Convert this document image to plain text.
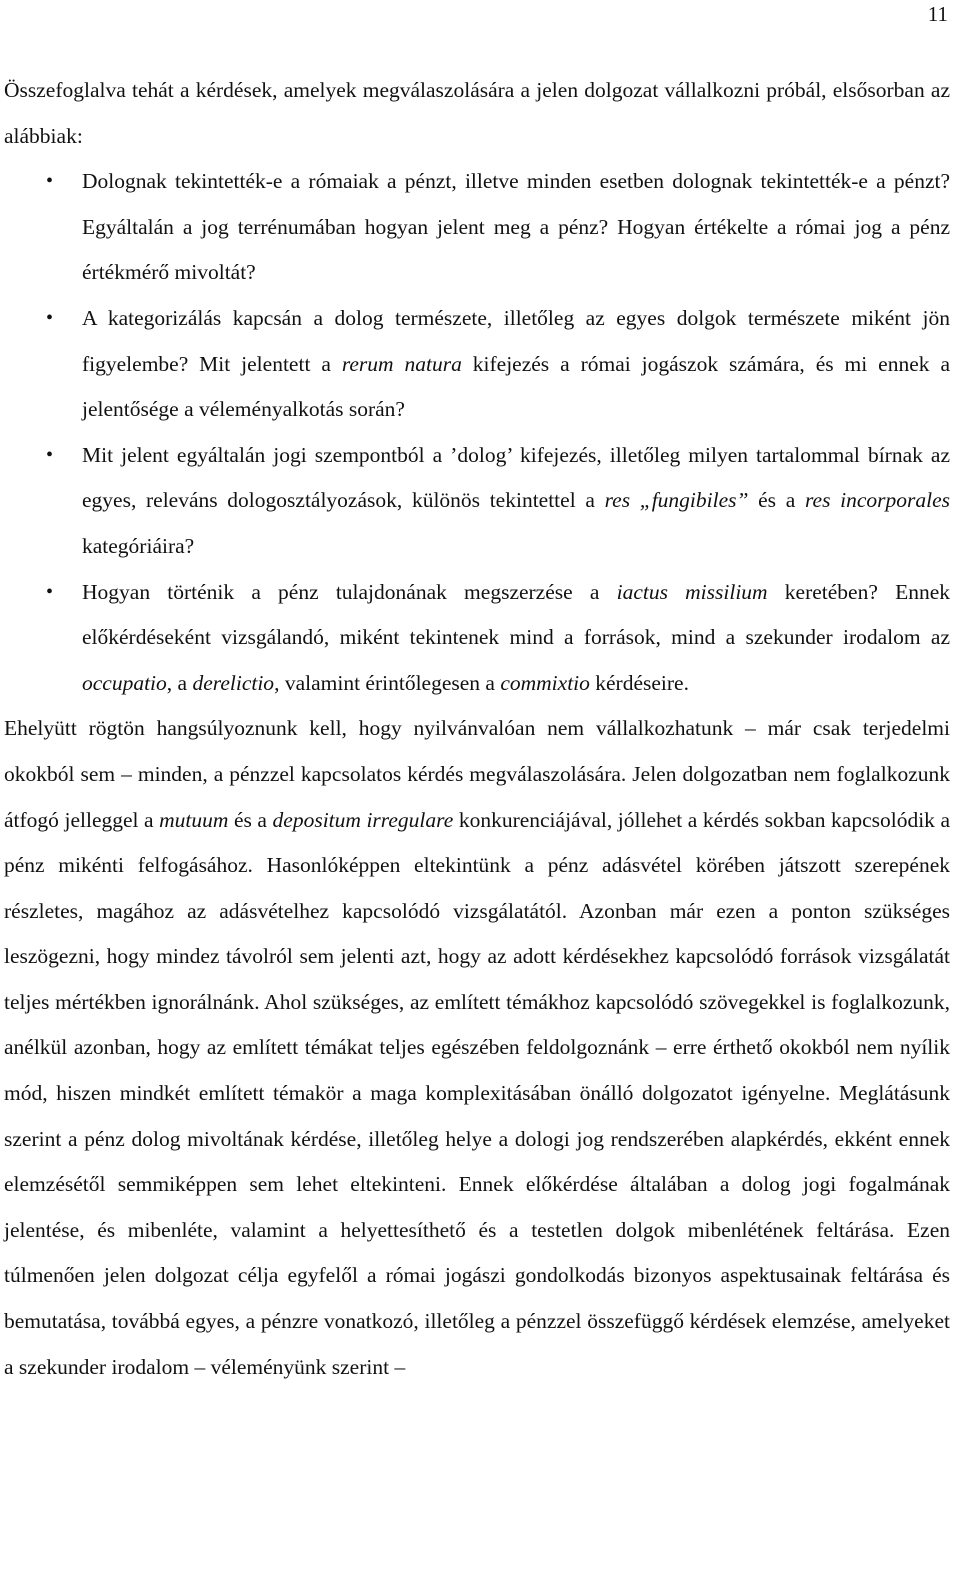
11

Összefoglalva tehát a kérdések, amelyek megválaszolására a jelen dolgozat vállalkozni próbál, elsősorban az alábbiak:

• Dolognak tekintették-e a rómaiak a pénzt, illetve minden esetben dolognak tekintették-e a pénzt? Egyáltalán a jog terrénumában hogyan jelent meg a pénz? Hogyan értékelte a római jog a pénz értékmérő mivoltát?
• A kategorizálás kapcsán a dolog természete, illetőleg az egyes dolgok természete miként jön figyelembe? Mit jelentett a rerum natura kifejezés a római jogászok számára, és mi ennek a jelentősége a véleményalkotás során?
• Mit jelent egyáltalán jogi szempontból a ’dolog’ kifejezés, illetőleg milyen tartalommal bírnak az egyes, releváns dologosztályozások, különös tekintettel a res „fungibiles” és a res incorporales kategóriáira?
• Hogyan történik a pénz tulajdonának megszerzése a iactus missilium keretében? Ennek előkérdéseként vizsgálandó, miként tekintenek mind a források, mind a szekunder irodalom az occupatio, a derelictio, valamint érintőlegesen a commixtio kérdéseire.

Ehelyütt rögtön hangsúlyoznunk kell, hogy nyilvánvalóan nem vállalkozhatunk – már csak terjedelmi okokból sem – minden, a pénzzel kapcsolatos kérdés megválaszolására. Jelen dolgozatban nem foglalkozunk átfogó jelleggel a mutuum és a depositum irregulare konkurenciájával, jóllehet a kérdés sokban kapcsolódik a pénz mikénti felfogásához. Hasonlóképpen eltekintünk a pénz adásvétel körében játszott szerepének részletes, magához az adásvételhez kapcsolódó vizsgálatától. Azonban már ezen a ponton szükséges leszögezni, hogy mindez távolról sem jelenti azt, hogy az adott kérdésekhez kapcsolódó források vizsgálatát teljes mértékben ignorálnánk. Ahol szükséges, az említett témákhoz kapcsolódó szövegekkel is foglalkozunk, anélkül azonban, hogy az említett témákat teljes egészében feldolgoznánk – erre érthető okokból nem nyílik mód, hiszen mindkét említett témakör a maga komplexitásában önálló dolgozatot igényelne. Meglátásunk szerint a pénz dolog mivoltának kérdése, illetőleg helye a dologi jog rendszerében alapkérdés, ekként ennek elemzésétől semmiképpen sem lehet eltekinteni. Ennek előkérdése általában a dolog jogi fogalmának jelentése, és mibenléte, valamint a helyettesíthető és a testetlen dolgok mibenlétének feltárása. Ezen túlmenően jelen dolgozat célja egyfelől a római jogászi gondolkodás bizonyos aspektusainak feltárása és bemutatása, továbbá egyes, a pénzre vonatkozó, illetőleg a pénzzel összefüggő kérdések elemzése, amelyeket a szekunder irodalom – véleményünk szerint –
